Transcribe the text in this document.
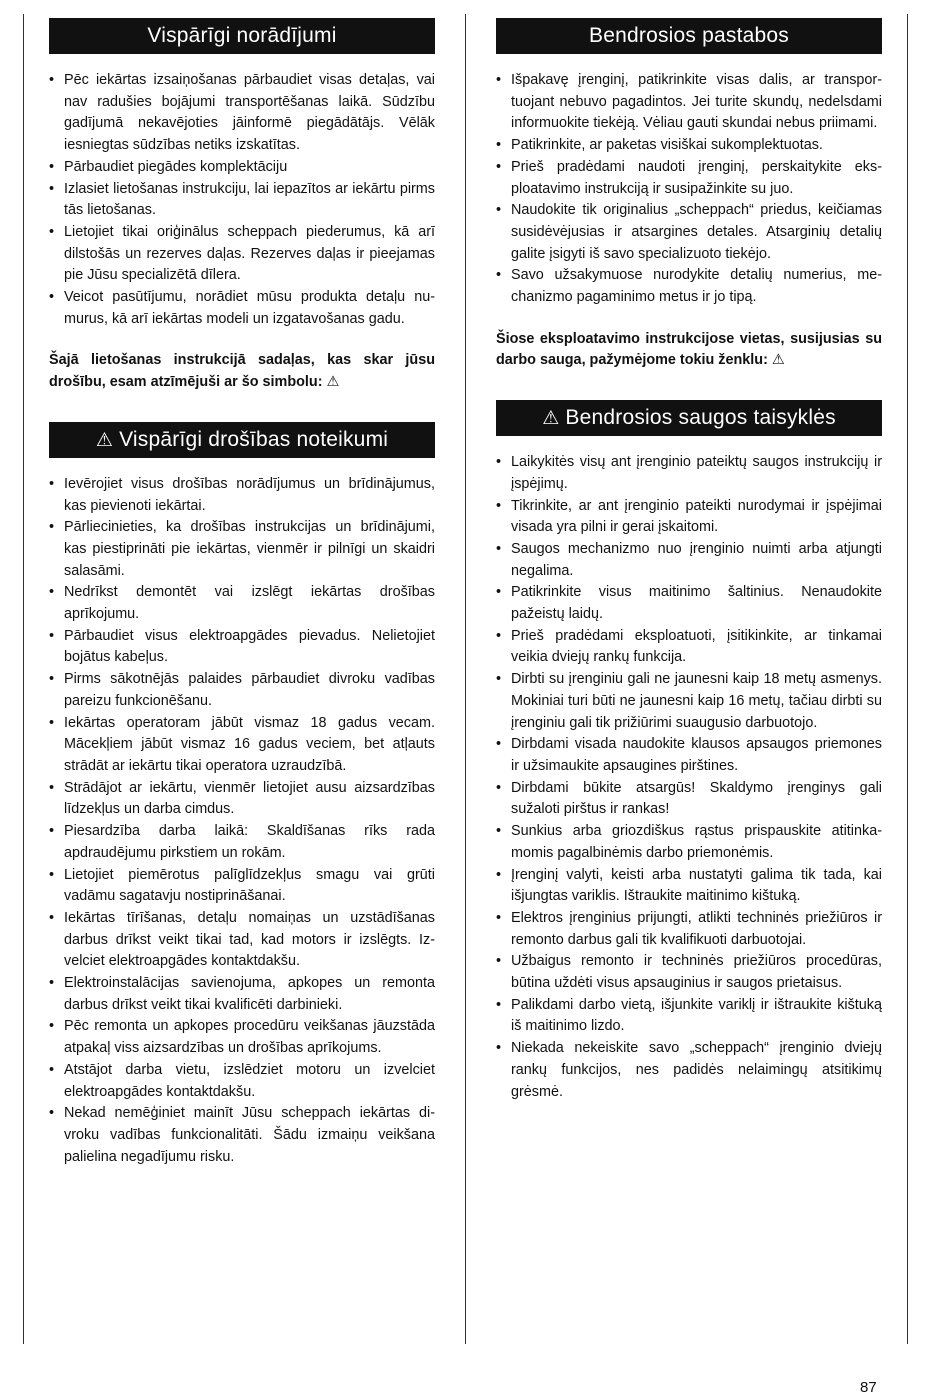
Vispārīgi norādījumi
• Pēc iekārtas izsaiņošanas pārbaudiet visas detaļas, vai nav radušies bojājumi transportēšanas laikā. Sūdzību gadījumā nekavējoties jāinformē piegādātājs. Vēlāk iesniegtas sūdzības netiks izskatītas.
• Pārbaudiet piegādes komplektāciju
• Izlasiet lietošanas instrukciju, lai iepazītos ar iekārtu pirms tās lietošanas.
• Lietojiet tikai oriģinālus scheppach piederumus, kā arī dilstošās un rezerves daļas. Rezerves daļas ir pieejamas pie Jūsu specializētā dīlera.
• Veicot pasūtījumu, norādiet mūsu produkta detaļu numurus, kā arī iekārtas modeli un izgatavošanas gadu.

Šajā lietošanas instrukcijā sadaļas, kas skar jūsu drošību, esam atzīmējuši ar šo simbolu: ⚠

⚠ Vispārīgi drošības noteikumi
• Ievērojiet visus drošības norādījumus un brīdinājumus, kas pievienoti iekārtai.
• Pārliecinieties, ka drošības instrukcijas un brīdinājumi, kas piestiprināti pie iekārtas, vienmēr ir pilnīgi un skaidri salasāmi.
• Nedrīkst demontēt vai izslēgt iekārtas drošības aprīkojumu.
• Pārbaudiet visus elektroapgādes pievadus. Nelietojiet bojātus kabeļus.
• Pirms sākotnējās palaides pārbaudiet divroku vadības pareizu funkcionēšanu.
• Iekārtas operatoram jābūt vismaz 18 gadus vecam. Mācekļiem jābūt vismaz 16 gadus veciem, bet atļauts strādāt ar iekārtu tikai operatora uzraudzībā.
• Strādājot ar iekārtu, vienmēr lietojiet ausu aizsardzības līdzekļus un darba cimdus.
• Piesardzība darba laikā: Skaldīšanas rīks rada apdraudējumu pirkstiem un rokām.
• Lietojiet piemērotus palīglīdzekļus smagu vai grūti vadāmu sagatavju nostiprināšanai.
• Iekārtas tīrīšanas, detaļu nomaiņas un uzstādīšanas darbus drīkst veikt tikai tad, kad motors ir izslēgts. Izvelciet elektroapgādes kontaktdakšu.
• Elektroinstalācijas savienojuma, apkopes un remonta darbus drīkst veikt tikai kvalificēti darbinieki.
• Pēc remonta un apkopes procedūru veikšanas jāuzstāda atpakaļ viss aizsardzības un drošības aprīkojums.
• Atstājot darba vietu, izslēdziet motoru un izvelciet elektroapgādes kontaktdakšu.
• Nekad nemēģiniet mainīt Jūsu scheppach iekārtas divroku vadības funkcionalitāti. Šādu izmaiņu veikšana palielina negadījumu risku.
Bendrosios pastabos
• Išpakavę įrenginį, patikrinkite visas dalis, ar transportuojant nebuvo pagadintos. Jei turite skundų, nedelsdami informuokite tiekėją. Vėliau gauti skundai nebus priimami.
• Patikrinkite, ar paketas visiškai sukomplektuotas.
• Prieš pradėdami naudoti įrenginį, perskaitykite eksploatavimo instrukciją ir susipažinkite su juo.
• Naudokite tik originalius „scheppach“ priedus, keičiamas susidėvėjusias ir atsargines detales. Atsarginių detalių galite įsigyti iš savo specializuoto tiekėjo.
• Savo užsakymuose nurodykite detalių numerius, mechanizmo pagaminimo metus ir jo tipą.

Šiose eksploatavimo instrukcijose vietas, susijusias su darbo sauga, pažymėjome tokiu ženklu: ⚠

⚠ Bendrosios saugos taisyklės
• Laikykitės visų ant įrenginio pateiktų saugos instrukcijų ir įspėjimų.
• Tikrinkite, ar ant įrenginio pateikti nurodymai ir įspėjimai visada yra pilni ir gerai įskaitomi.
• Saugos mechanizmo nuo įrenginio nuimti arba atjungti negalima.
• Patikrinkite visus maitinimo šaltinius. Nenaudokite pažeistų laidų.
• Prieš pradėdami eksploatuoti, įsitikinkite, ar tinkamai veikia dviejų rankų funkcija.
• Dirbti su įrenginiu gali ne jaunesni kaip 18 metų asmenys. Mokiniai turi būti ne jaunesni kaip 16 metų, tačiau dirbti su įrenginiu gali tik prižiūrimi suaugusio darbuotojo.
• Dirbdami visada naudokite klausos apsaugos priemones ir užsimaukite apsaugines pirštines.
• Dirbdami būkite atsargūs! Skaldymo įrenginys gali sužaloti pirštus ir rankas!
• Sunkius arba griozdiškus rąstus prispauskite atitinkamomis pagalbinėmis darbo priemonėmis.
• Įrenginį valyti, keisti arba nustatyti galima tik tada, kai išjungtas variklis. Ištraukite maitinimo kištuką.
• Elektros įrenginius prijungti, atlikti techninės priežiūros ir remonto darbus gali tik kvalifikuoti darbuotojai.
• Užbaigus remonto ir techninės priežiūros procedūras, būtina uždėti visus apsauginius ir saugos prietaisus.
• Palikdami darbo vietą, išjunkite variklį ir ištraukite kištuką iš maitinimo lizdo.
• Niekada nekeiskite savo „scheppach“ įrenginio dviejų rankų funkcijos, nes padidės nelaimingų atsitikimų grėsmė.
87
